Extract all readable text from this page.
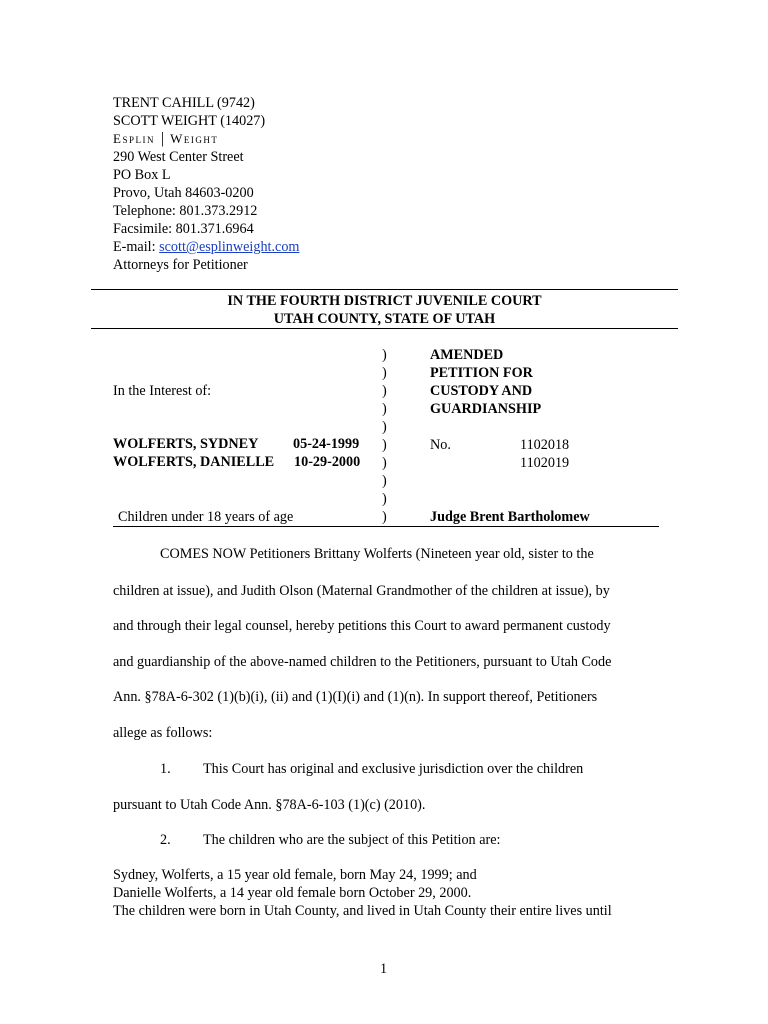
TRENT CAHILL (9742)
SCOTT WEIGHT (14027)
Esplin | Weight
290 West Center Street
PO Box L
Provo, Utah 84603-0200
Telephone: 801.373.2912
Facsimile: 801.371.6964
E-mail: scott@esplinweight.com
Attorneys for Petitioner
IN THE FOURTH DISTRICT JUVENILE COURT
UTAH COUNTY, STATE OF UTAH
In the Interest of:
WOLFERTS, SYDNEY 05-24-1999
WOLFERTS, DANIELLE 10-29-2000
Children under 18 years of age
)
)
)
)
)
)
)
)
)
)
AMENDED
PETITION FOR
CUSTODY AND
GUARDIANSHIP
No.	1102018
1102019
Judge Brent Bartholomew
COMES NOW Petitioners Brittany Wolferts (Nineteen year old, sister to the
children at issue), and Judith Olson (Maternal Grandmother of the children at issue), by
and through their legal counsel, hereby petitions this Court to award permanent custody
and guardianship of the above-named children to the Petitioners, pursuant to Utah Code
Ann. §78A-6-302 (1)(b)(i), (ii) and (1)(I)(i) and (1)(n). In support thereof, Petitioners
allege as follows:
1. This Court has original and exclusive jurisdiction over the children
pursuant to Utah Code Ann. §78A-6-103 (1)(c) (2010).
2. The children who are the subject of this Petition are:
Sydney, Wolferts, a 15 year old female, born May 24, 1999; and
Danielle Wolferts, a 14 year old female born October 29, 2000.
The children were born in Utah County, and lived in Utah County their entire lives until
1
